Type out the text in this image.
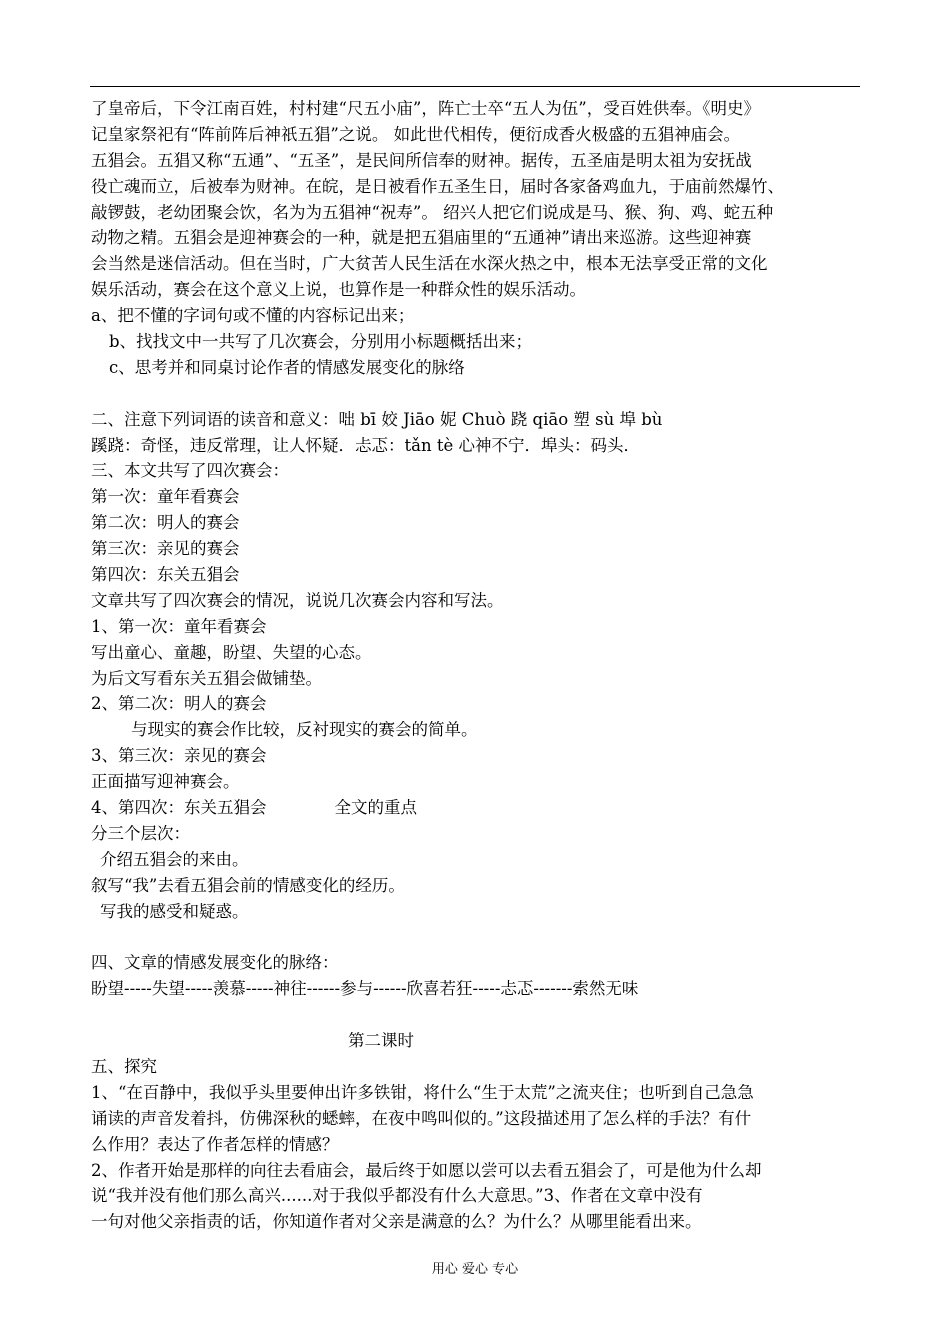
了皇帝后，下令江南百姓，村村建“尺五小庙”，阵亡士卒“五人为伍”，受百姓供奉。《明史》
记皇家祭祀有“阵前阵后神祇五猖”之说。 如此世代相传，便衍成香火极盛的五猖神庙会。
五猖会。五猖又称“五通”、“五圣”，是民间所信奉的财神。据传，五圣庙是明太祖为安抚战
役亡魂而立，后被奉为财神。在皖，是日被看作五圣生日，届时各家备鸡血九，于庙前然爆竹、
敲锣鼓，老幼团聚会饮，名为为五猖神“祝寿”。 绍兴人把它们说成是马、猴、狗、鸡、蛇五种
动物之精。五猖会是迎神赛会的一种，就是把五猖庙里的“五通神”请出来巡游。这些迎神赛
会当然是迷信活动。但在当时，广大贫苦人民生活在水深火热之中，根本无法享受正常的文化
娱乐活动，赛会在这个意义上说，也算作是一种群众性的娱乐活动。
a、把不懂的字词句或不懂的内容标记出来；
b、找找文中一共写了几次赛会，分别用小标题概括出来；
c、思考并和同桌讨论作者的情感发展变化的脉络
二、注意下列词语的读音和意义：咄 bī 姣 Jiāo 妮 Chuò 跷 qiāo 塑 sù 埠 bù
蹊跷：奇怪，违反常理，让人怀疑．忐忑：tǎn tè 心神不宁．埠头：码头．
三、本文共写了四次赛会：
第一次：童年看赛会
第二次：明人的赛会
第三次：亲见的赛会
第四次：东关五猖会
文章共写了四次赛会的情况，说说几次赛会内容和写法。
1、第一次：童年看赛会
写出童心、童趣，盼望、失望的心态。
为后文写看东关五猖会做铺垫。
2、第二次：明人的赛会
与现实的赛会作比较，反衬现实的赛会的简单。
3、第三次：亲见的赛会
正面描写迎神赛会。
4、第四次：东关五猖会	全文的重点
分三个层次：
介绍五猖会的来由。
叙写“我”去看五猖会前的情感变化的经历。
写我的感受和疑惑。
四、文章的情感发展变化的脉络：
盼望-----失望-----羡慕-----神往------参与------欣喜若狂-----忐忑-------索然无味
第二课时
五、探究
1、“在百静中，我似乎头里要伸出许多铁钳，将什么“生于太荒”之流夹住；也听到自己急急
诵读的声音发着抖，仿佛深秋的蟋蟀，在夜中鸣叫似的。”这段描述用了怎么样的手法？有什
么作用？表达了作者怎样的情感？
2、作者开始是那样的向往去看庙会，最后终于如愿以尝可以去看五猖会了，可是他为什么却
说“我并没有他们那么高兴......对于我似乎都没有什么大意思。”3、作者在文章中没有
一句对他父亲指责的话，你知道作者对父亲是满意的么？为什么？从哪里能看出来。
用心 爱心 专心
